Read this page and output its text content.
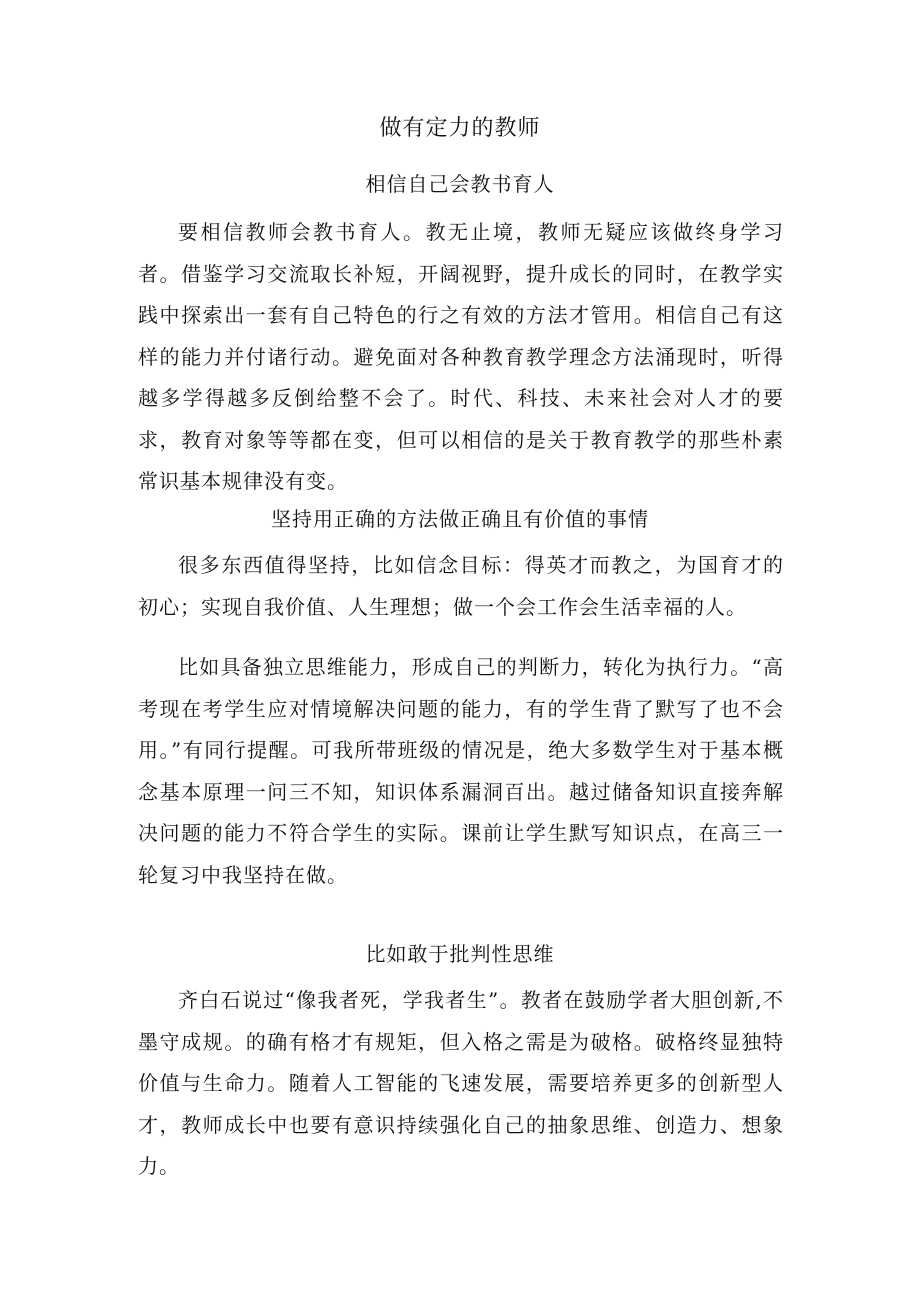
做有定力的教师
相信自己会教书育人

要相信教师会教书育人。教无止境，教师无疑应该做终身学习者。借鉴学习交流取长补短，开阔视野，提升成长的同时，在教学实践中探索出一套有自己特色的行之有效的方法才管用。相信自己有这样的能力并付诸行动。避免面对各种教育教学理念方法涌现时，听得越多学得越多反倒给整不会了。时代、科技、未来社会对人才的要求，教育对象等等都在变，但可以相信的是关于教育教学的那些朴素常识基本规律没有变。

坚持用正确的方法做正确且有价值的事情

很多东西值得坚持，比如信念目标：得英才而教之，为国育才的初心；实现自我价值、人生理想；做一个会工作会生活幸福的人。

比如具备独立思维能力，形成自己的判断力，转化为执行力。“高考现在考学生应对情境解决问题的能力，有的学生背了默写了也不会用。”有同行提醒。可我所带班级的情况是，绝大多数学生对于基本概念基本原理一问三不知，知识体系漏洞百出。越过储备知识直接奔解决问题的能力不符合学生的实际。课前让学生默写知识点，在高三一轮复习中我坚持在做。

比如敢于批判性思维

齐白石说过“像我者死，学我者生”。教者在鼓励学者大胆创新,不墨守成规。的确有格才有规矩，但入格之需是为破格。破格终显独特价值与生命力。随着人工智能的飞速发展，需要培养更多的创新型人才，教师成长中也要有意识持续强化自己的抽象思维、创造力、想象力。
